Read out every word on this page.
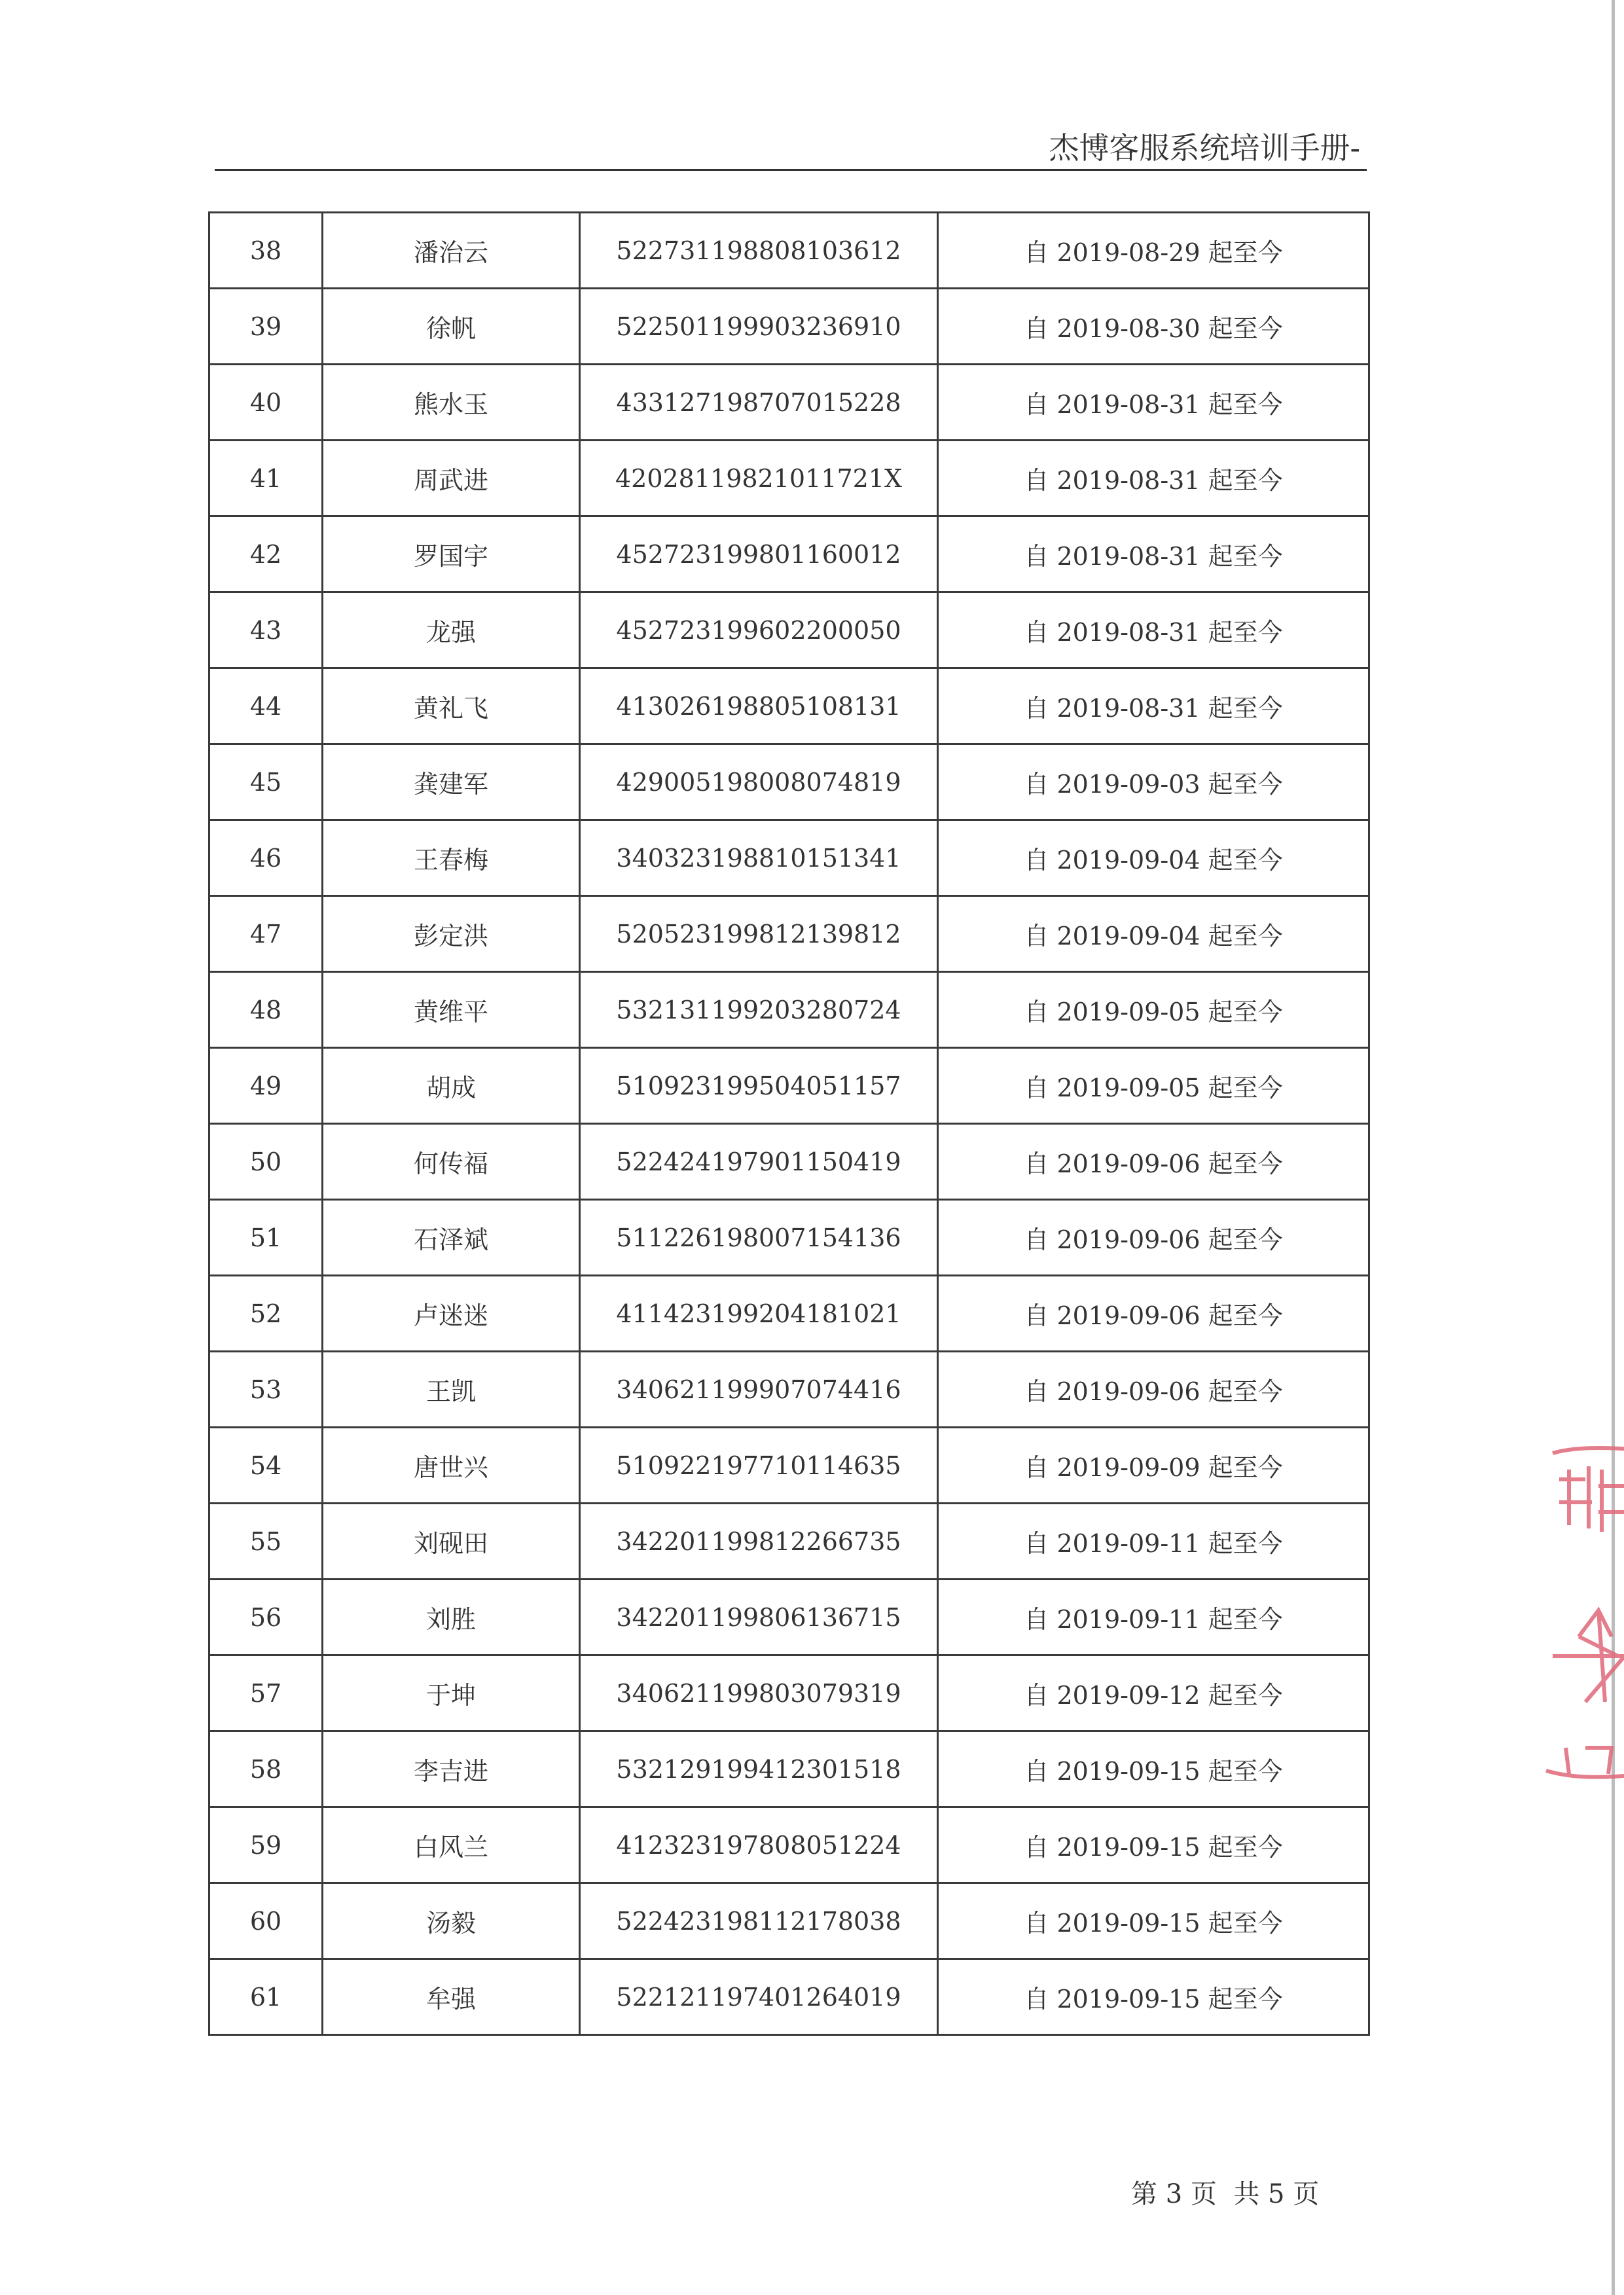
杰博客服系统培训手册-
38	潘治云	522731198808103612	自 2019-08-29 起至今
39	徐帆	522501199903236910	自 2019-08-30 起至今
40	熊水玉	433127198707015228	自 2019-08-31 起至今
41	周武进	42028119821011721X	自 2019-08-31 起至今
42	罗国宇	452723199801160012	自 2019-08-31 起至今
43	龙强	452723199602200050	自 2019-08-31 起至今
44	黄礼飞	413026198805108131	自 2019-08-31 起至今
45	龚建军	429005198008074819	自 2019-09-03 起至今
46	王春梅	340323198810151341	自 2019-09-04 起至今
47	彭定洪	520523199812139812	自 2019-09-04 起至今
48	黄维平	532131199203280724	自 2019-09-05 起至今
49	胡成	510923199504051157	自 2019-09-05 起至今
50	何传福	522424197901150419	自 2019-09-06 起至今
51	石泽斌	511226198007154136	自 2019-09-06 起至今
52	卢迷迷	411423199204181021	自 2019-09-06 起至今
53	王凯	340621199907074416	自 2019-09-06 起至今
54	唐世兴	510922197710114635	自 2019-09-09 起至今
55	刘砚田	342201199812266735	自 2019-09-11 起至今
56	刘胜	342201199806136715	自 2019-09-11 起至今
57	于坤	340621199803079319	自 2019-09-12 起至今
58	李吉进	532129199412301518	自 2019-09-15 起至今
59	白风兰	412323197808051224	自 2019-09-15 起至今
60	汤毅	522423198112178038	自 2019-09-15 起至今
61	牟强	522121197401264019	自 2019-09-15 起至今
第 3 页 共 5 页
